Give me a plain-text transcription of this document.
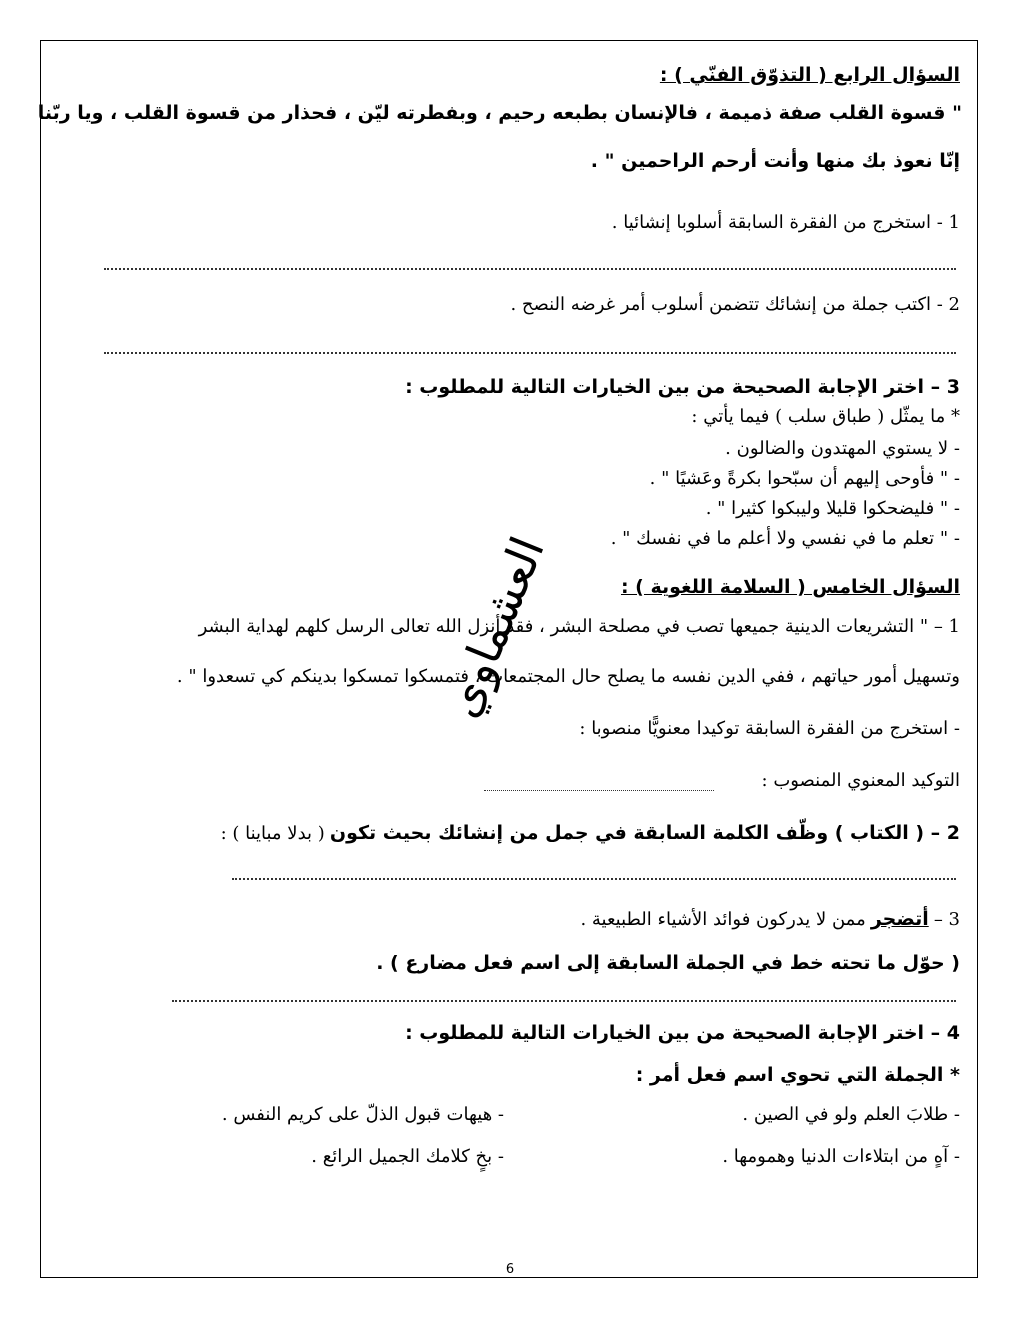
السؤال الرابع ( التذوّق الفنّي ) :
" قسوة القلب صفة ذميمة ، فالإنسان بطبعه رحيم ، وبفطرته ليّن ، فحذار من قسوة القلب ، ويا ربّنا
إنّا نعوذ بك منها وأنت أرحم الراحمين " .
1 - استخرج من الفقرة السابقة أسلوبا إنشائيا .
2 - اكتب جملة من إنشائك تتضمن أسلوب أمر غرضه النصح .
3 – اختر الإجابة الصحيحة من بين الخيارات التالية للمطلوب :
* ما يمثّل ( طباق سلب ) فيما يأتي :
- لا يستوي المهتدون والضالون .
- " فأوحى إليهم أن سبّحوا بكرةً وعَشيًا " .
- " فليضحكوا قليلا وليبكوا كثيرا " .
- " تعلم ما في نفسي ولا أعلم ما في نفسك " .
السؤال الخامس ( السلامة اللغوية ) :
1 – " التشريعات الدينية جميعها تصب في مصلحة البشر ، فقد أنزل الله تعالى الرسل كلهم لهداية البشر
وتسهيل أمور حياتهم ، ففي الدين نفسه ما يصلح حال المجتمعات ، فتمسكوا تمسكوا بدينكم كي تسعدوا " .
- استخرج من الفقرة السابقة توكيدا معنويًّا منصوبا :
التوكيد المعنوي المنصوب :
2 – ( الكتاب ) وظّف الكلمة السابقة في جمل من إنشائك بحيث تكون ( بدلا مباينا ) :
3 – أتضجر ممن لا يدركون فوائد الأشياء الطبيعية .
( حوّل ما تحته خط في الجملة السابقة إلى اسم فعل مضارع ) .
4 – اختر الإجابة الصحيحة من بين الخيارات التالية للمطلوب :
* الجملة التي تحوي اسم فعل أمر :
- طلابَ العلم ولو في الصين .
- هيهات قبول الذلّ على كريم النفس .
- آهٍ من ابتلاءات الدنيا وهمومها .
- بخٍ كلامك الجميل الرائع .
العشماوي
6
